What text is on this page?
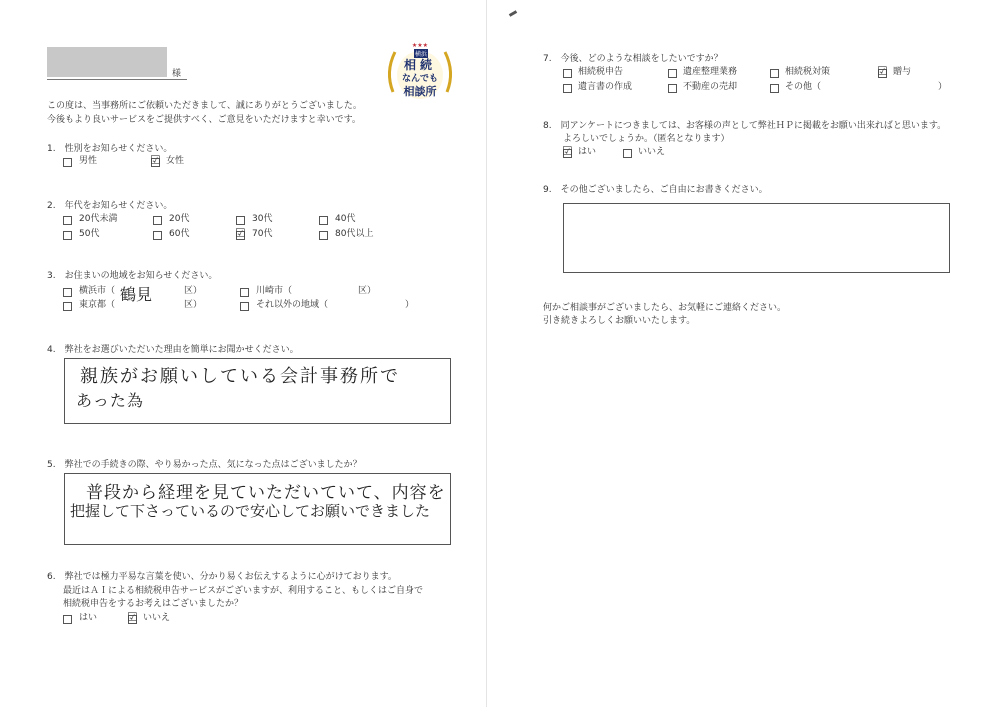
様
★★★
横浜
相続
なんでも
相談所
この度は、当事務所にご依頼いただきまして、誠にありがとうございました。
今後もより良いサービスをご提供すべく、ご意見をいただけますと幸いです。
1.　性別をお知らせください。
男性	☑ 女性
2.　年代をお知らせください。
20代未満	20代	30代	40代
50代	60代	☑ 70代	80代以上
3.　お住まいの地域をお知らせください。
横浜市（ 鶴見	区）	川崎市（	区）
東京都（	区）	それ以外の地域（	）
4.　弊社をお選びいただいた理由を簡単にお聞かせください。
親族がお願いしている会計事務所で
あった為
5.　弊社での手続きの際、やり易かった点、気になった点はございましたか？
普段から経理を見ていただいていて、内容を
把握して下さっているので安心してお願いできました
6.　弊社では極力平易な言葉を使い、分かり易くお伝えするように心がけております。
最近はＡＩによる相続税申告サービスがございますが、利用すること、もしくはご自身で
相続税申告をするお考えはございましたか？
はい ☑ いいえ
7.　今後、どのような相談をしたいですか？
相続税申告	遺産整理業務	相続税対策	☑ 贈与
遺言書の作成	不動産の売却	その他（	）
8.　同アンケートにつきましては、お客様の声として弊社ＨＰに掲載をお願い出来ればと思います。
よろしいでしょうか。（匿名となります）
☑ はい	いいえ
9.　その他ございましたら、ご自由にお書きください。
何かご相談事がございましたら、お気軽にご連絡ください。
引き続きよろしくお願いいたします。
